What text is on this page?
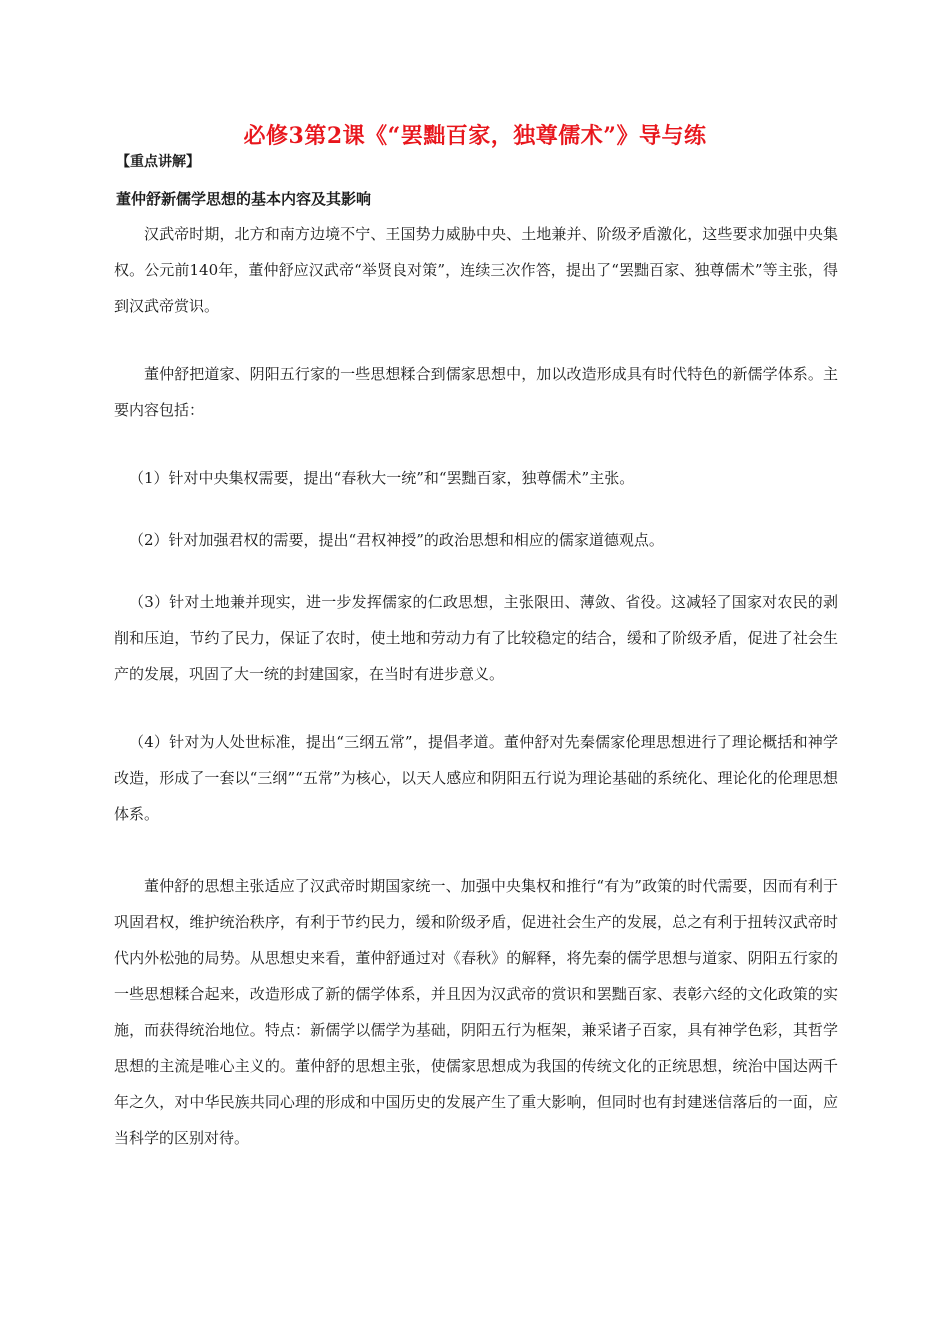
必修3第2课《“罢黜百家，独尊儒术”》导与练
【重点讲解】
董仲舒新儒学思想的基本内容及其影响

汉武帝时期，北方和南方边境不宁、王国势力威胁中央、土地兼并、阶级矛盾激化，这些要求加强中央集权。公元前140年，董仲舒应汉武帝“举贤良对策”，连续三次作答，提出了“罢黜百家、独尊儒术”等主张，得到汉武帝赏识。

董仲舒把道家、阴阳五行家的一些思想糅合到儒家思想中，加以改造形成具有时代特色的新儒学体系。主要内容包括：

（1）针对中央集权需要，提出“春秋大一统”和“罢黜百家，独尊儒术”主张。

（2）针对加强君权的需要，提出“君权神授”的政治思想和相应的儒家道德观点。

（3）针对土地兼并现实，进一步发挥儒家的仁政思想，主张限田、薄敛、省役。这减轻了国家对农民的剥削和压迫，节约了民力，保证了农时，使土地和劳动力有了比较稳定的结合，缓和了阶级矛盾，促进了社会生产的发展，巩固了大一统的封建国家，在当时有进步意义。

（4）针对为人处世标准，提出“三纲五常”，提倡孝道。董仲舒对先秦儒家伦理思想进行了理论概括和神学改造，形成了一套以“三纲”“五常”为核心，以天人感应和阴阳五行说为理论基础的系统化、理论化的伦理思想体系。

董仲舒的思想主张适应了汉武帝时期国家统一、加强中央集权和推行“有为”政策的时代需要，因而有利于巩固君权，维护统治秩序，有利于节约民力，缓和阶级矛盾，促进社会生产的发展，总之有利于扭转汉武帝时代内外松弛的局势。从思想史来看，董仲舒通过对《春秋》的解释，将先秦的儒学思想与道家、阴阳五行家的一些思想糅合起来，改造形成了新的儒学体系，并且因为汉武帝的赏识和罢黜百家、表彰六经的文化政策的实施，而获得统治地位。特点：新儒学以儒学为基础，阴阳五行为框架，兼采诸子百家，具有神学色彩，其哲学思想的主流是唯心主义的。董仲舒的思想主张，使儒家思想成为我国的传统文化的正统思想，统治中国达两千年之久，对中华民族共同心理的形成和中国历史的发展产生了重大影响，但同时也有封建迷信落后的一面，应当科学的区别对待。
